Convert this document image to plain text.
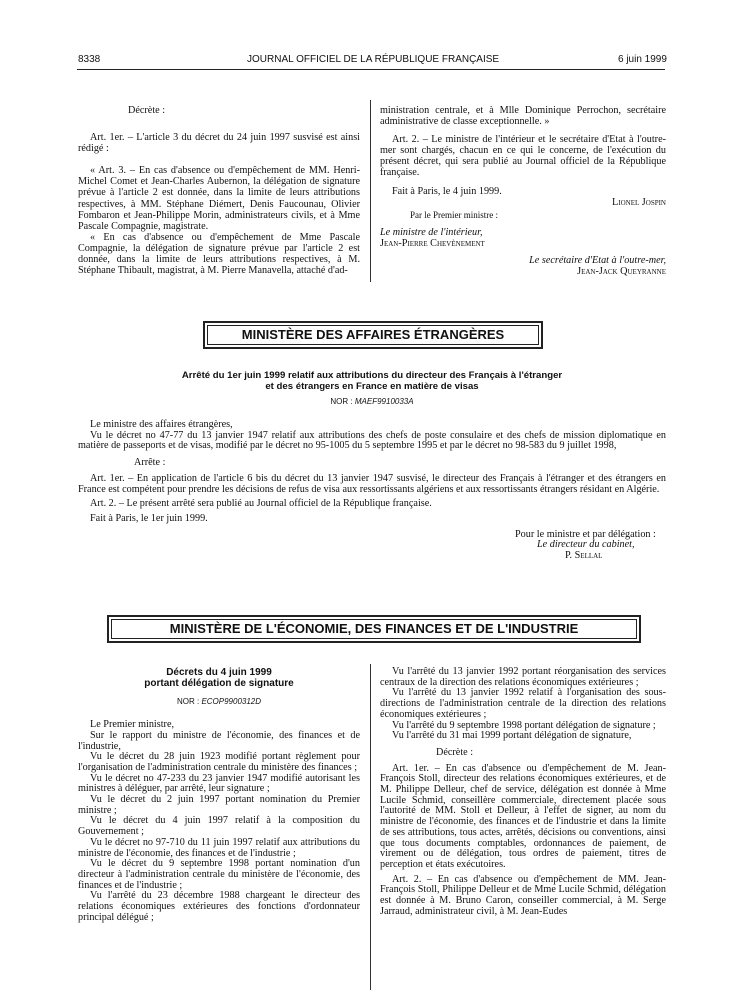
8338	JOURNAL OFFICIEL DE LA RÉPUBLIQUE FRANÇAISE	6 juin 1999

Décrète :

Art. 1er. – L'article 3 du décret du 24 juin 1997 susvisé est ainsi rédigé :

« Art. 3. – En cas d'absence ou d'empêchement de MM. Henri-Michel Comet et Jean-Charles Aubernon, la délégation de signature prévue à l'article 2 est donnée, dans la limite de leurs attributions respectives, à MM. Stéphane Diémert, Denis Faucounau, Olivier Fombaron et Jean-Philippe Morin, administrateurs civils, et à Mme Pascale Compagnie, magistrate.

« En cas d'absence ou d'empêchement de Mme Pascale Compagnie, la délégation de signature prévue par l'article 2 est donnée, dans la limite de leurs attributions respectives, à M. Stéphane Thibault, magistrat, à M. Pierre Manavella, attaché d'ad-

ministration centrale, et à Mlle Dominique Perrochon, secrétaire administrative de classe exceptionnelle. »

Art. 2. – Le ministre de l'intérieur et le secrétaire d'Etat à l'outre-mer sont chargés, chacun en ce qui le concerne, de l'exécution du présent décret, qui sera publié au Journal officiel de la République française.

Fait à Paris, le 4 juin 1999.

Lionel Jospin

Par le Premier ministre :

Le ministre de l'intérieur,

Jean-Pierre Chevènement

Le secrétaire d'Etat à l'outre-mer,

Jean-Jack Queyranne

MINISTÈRE DES AFFAIRES ÉTRANGÈRES
Arrêté du 1er juin 1999 relatif aux attributions du directeur des Français à l'étranger
et des étrangers en France en matière de visas
NOR : MAEF9910033A

Le ministre des affaires étrangères,

Vu le décret no 47-77 du 13 janvier 1947 relatif aux attributions des chefs de poste consulaire et des chefs de mission diplomatique en matière de passeports et de visas, modifié par le décret no 95-1005 du 5 septembre 1995 et par le décret no 98-583 du 9 juillet 1998,

Arrête :

Art. 1er. – En application de l'article 6 bis du décret du 13 janvier 1947 susvisé, le directeur des Français à l'étranger et des étrangers en France est compétent pour prendre les décisions de refus de visa aux ressortissants algériens et aux ressortissants étrangers résidant en Algérie.

Art. 2. – Le présent arrêté sera publié au Journal officiel de la République française.

Fait à Paris, le 1er juin 1999.

Pour le ministre et par délégation :

Le directeur du cabinet,

P. Sellal

MINISTÈRE DE L'ÉCONOMIE, DES FINANCES ET DE L'INDUSTRIE
Décrets du 4 juin 1999
portant délégation de signature
NOR : ECOP9900312D

Le Premier ministre,

Sur le rapport du ministre de l'économie, des finances et de l'industrie,

Vu le décret du 28 juin 1923 modifié portant règlement pour l'organisation de l'administration centrale du ministère des finances ;

Vu le décret no 47-233 du 23 janvier 1947 modifié autorisant les ministres à déléguer, par arrêté, leur signature ;

Vu le décret du 2 juin 1997 portant nomination du Premier ministre ;

Vu le décret du 4 juin 1997 relatif à la composition du Gouvernement ;

Vu le décret no 97-710 du 11 juin 1997 relatif aux attributions du ministre de l'économie, des finances et de l'industrie ;

Vu le décret du 9 septembre 1998 portant nomination d'un directeur à l'administration centrale du ministère de l'économie, des finances et de l'industrie ;

Vu l'arrêté du 23 décembre 1988 chargeant le directeur des relations économiques extérieures des fonctions d'ordonnateur principal délégué ;

Vu l'arrêté du 13 janvier 1992 portant réorganisation des services centraux de la direction des relations économiques extérieures ;

Vu l'arrêté du 13 janvier 1992 relatif à l'organisation des sous-directions de l'administration centrale de la direction des relations économiques extérieures ;

Vu l'arrêté du 9 septembre 1998 portant délégation de signature ;

Vu l'arrêté du 31 mai 1999 portant délégation de signature,

Décrète :

Art. 1er. – En cas d'absence ou d'empêchement de M. Jean-François Stoll, directeur des relations économiques extérieures, et de M. Philippe Delleur, chef de service, délégation est donnée à Mme Lucile Schmid, conseillère commerciale, directement placée sous l'autorité de MM. Stoll et Delleur, à l'effet de signer, au nom du ministre de l'économie, des finances et de l'industrie et dans la limite de ses attributions, tous actes, arrêtés, décisions ou conventions, ainsi que tous documents comptables, ordonnances de paiement, de virement ou de délégation, tous ordres de paiement, titres de perception et états exécutoires.

Art. 2. – En cas d'absence ou d'empêchement de MM. Jean-François Stoll, Philippe Delleur et de Mme Lucile Schmid, délégation est donnée à M. Bruno Caron, conseiller commercial, à M. Serge Jarraud, administrateur civil, à M. Jean-Eudes
